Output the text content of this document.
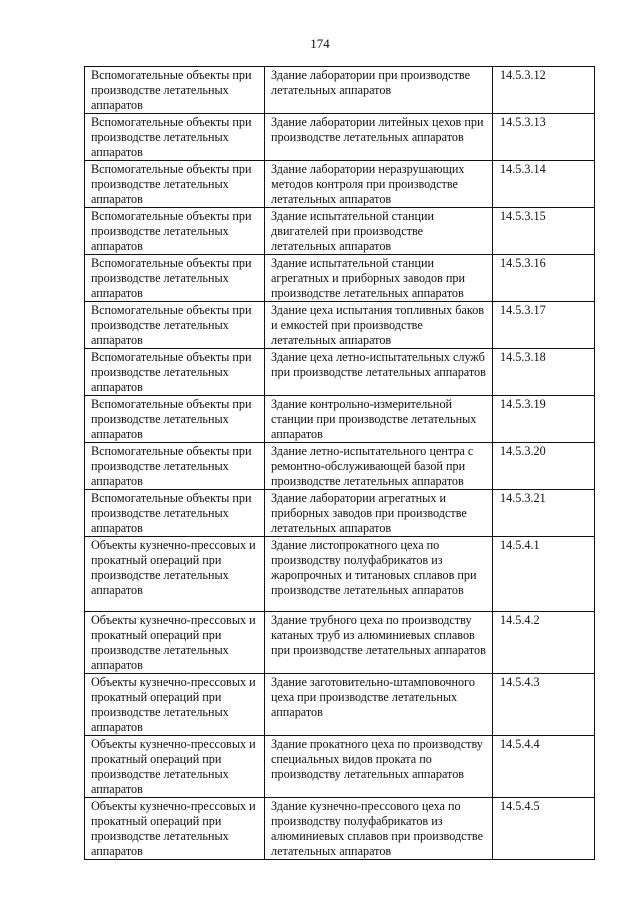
174
Вспомогательные объекты при производстве летательных аппаратов	Здание лаборатории при производстве летательных аппаратов	14.5.3.12
Вспомогательные объекты при производстве летательных аппаратов	Здание лаборатории литейных цехов при производстве летательных аппаратов	14.5.3.13
Вспомогательные объекты при производстве летательных аппаратов	Здание лаборатории неразрушающих методов контроля при производстве летательных аппаратов	14.5.3.14
Вспомогательные объекты при производстве летательных аппаратов	Здание испытательной станции двигателей при производстве летательных аппаратов	14.5.3.15
Вспомогательные объекты при производстве летательных аппаратов	Здание испытательной станции агрегатных и приборных заводов при производстве летательных аппаратов	14.5.3.16
Вспомогательные объекты при производстве летательных аппаратов	Здание цеха испытания топливных баков и емкостей при производстве летательных аппаратов	14.5.3.17
Вспомогательные объекты при производстве летательных аппаратов	Здание цеха летно-испытательных служб при производстве летательных аппаратов	14.5.3.18
Вспомогательные объекты при производстве летательных аппаратов	Здание контрольно-измерительной станции при производстве летательных аппаратов	14.5.3.19
Вспомогательные объекты при производстве летательных аппаратов	Здание летно-испытательного центра с ремонтно-обслуживающей базой при производстве летательных аппаратов	14.5.3.20
Вспомогательные объекты при производстве летательных аппаратов	Здание лаборатории агрегатных и приборных заводов при производстве летательных аппаратов	14.5.3.21
Объекты кузнечно-прессовых и прокатный операций при производстве летательных аппаратов	Здание листопрокатного цеха по производству полуфабрикатов из жаропрочных и титановых сплавов при производстве летательных аппаратов	14.5.4.1
Объекты кузнечно-прессовых и прокатный операций при производстве летательных аппаратов	Здание трубного цеха по производству катаных труб из алюминиевых сплавов при производстве летательных аппаратов	14.5.4.2
Объекты кузнечно-прессовых и прокатный операций при производстве летательных аппаратов	Здание заготовительно-штамповочного цеха при производстве летательных аппаратов	14.5.4.3
Объекты кузнечно-прессовых и прокатный операций при производстве летательных аппаратов	Здание прокатного цеха по производству специальных видов проката по производству летательных аппаратов	14.5.4.4
Объекты кузнечно-прессовых и прокатный операций при производстве летательных аппаратов	Здание кузнечно-прессового цеха по производству полуфабрикатов из алюминиевых сплавов при производстве летательных аппаратов	14.5.4.5
